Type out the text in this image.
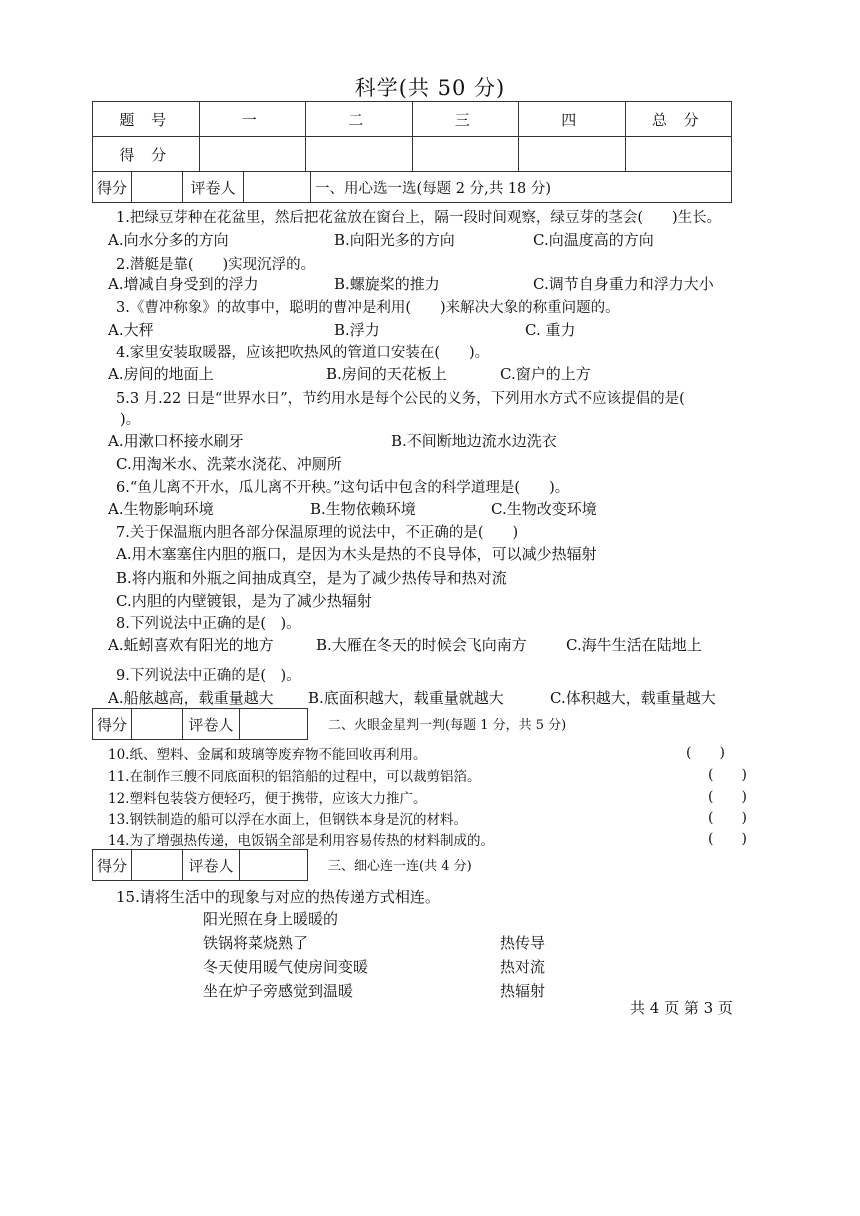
科学(共 50 分)
题 号	一	二	三	四	总 分
得 分					
得分	评卷人	一、用心选一选(每题 2 分,共 18 分)
1.把绿豆芽种在花盆里，然后把花盆放在窗台上，隔一段时间观察，绿豆芽的茎会(　　)生长。
A.向水分多的方向	B.向阳光多的方向	C.向温度高的方向
2.潜艇是靠(　　)实现沉浮的。
A.增减自身受到的浮力	B.螺旋桨的推力	C.调节自身重力和浮力大小
3.《曹冲称象》的故事中，聪明的曹冲是利用(　　)来解决大象的称重问题的。
A.大秤	B.浮力	C. 重力
4.家里安装取暖器，应该把吹热风的管道口安装在(　　)。
A.房间的地面上	B.房间的天花板上	C.窗户的上方
5.3 月.22 日是“世界水日”，节约用水是每个公民的义务，下列用水方式不应该提倡的是(
)。
A.用漱口杯接水刷牙	B.不间断地边流水边洗衣
C.用淘米水、洗菜水浇花、冲厕所
6.“鱼儿离不开水，瓜儿离不开秧。”这句话中包含的科学道理是(　　)。
A.生物影响环境	B.生物依赖环境	C.生物改变环境
7.关于保温瓶内胆各部分保温原理的说法中，不正确的是(　　)
A.用木塞塞住内胆的瓶口，是因为木头是热的不良导体，可以减少热辐射
B.将内瓶和外瓶之间抽成真空，是为了减少热传导和热对流
C.内胆的内壁镀银，是为了减少热辐射
8.下列说法中正确的是(　)。
A.蚯蚓喜欢有阳光的地方	B.大雁在冬天的时候会飞向南方	C.海牛生活在陆地上
9.下列说法中正确的是(　)。
A.船舷越高，载重量越大 B.底面积越大，载重量就越大	C.体积越大，载重量越大
得分	评卷人	二、火眼金星判一判(每题 1 分，共 5 分)
10.纸、塑料、金属和玻璃等废弃物不能回收再利用。	(　　)
11.在制作三艘不同底面积的铝箔船的过程中，可以裁剪铝箔。	(　　)
12.塑料包装袋方便轻巧，便于携带，应该大力推广。	(　　)
13.钢铁制造的船可以浮在水面上，但钢铁本身是沉的材料。	(　　)
14.为了增强热传递，电饭锅全部是利用容易传热的材料制成的。	(　　)
得分	评卷人	三、细心连一连(共 4 分)
15.请将生活中的现象与对应的热传递方式相连。
阳光照在身上暖暖的
铁锅将菜烧熟了
冬天使用暖气使房间变暖
坐在炉子旁感觉到温暖
热传导
热对流
热辐射
共 4 页 第 3 页
